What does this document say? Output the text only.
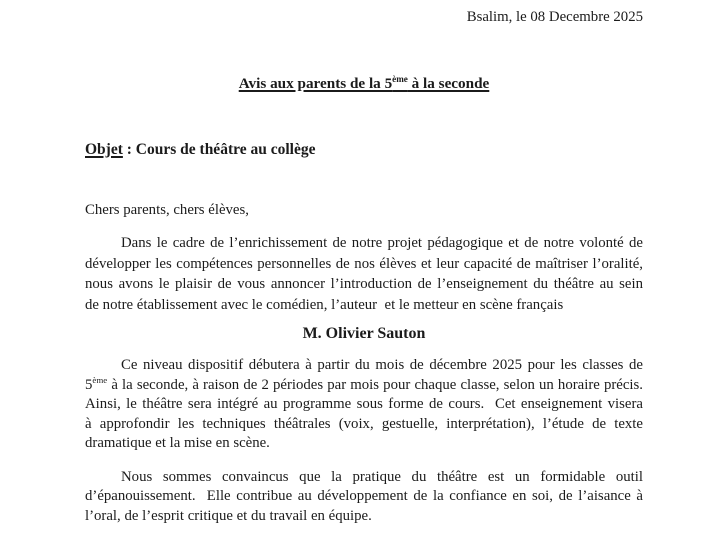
Bsalim, le 08 Decembre 2025
Avis aux parents de la 5ème à la seconde
Objet : Cours de théâtre au collège
Chers parents, chers élèves,

Dans le cadre de l’enrichissement de notre projet pédagogique et de notre volonté de
développer les compétences personnelles de nos élèves et leur capacité de maîtriser l’oralité,
nous avons le plaisir de vous annoncer l’introduction de l’enseignement du théâtre au sein
de notre établissement avec le comédien, l’auteur  et le metteur en scène français

M. Olivier Sauton

Ce niveau dispositif débutera à partir du mois de décembre 2025 pour les classes de
5ème à la seconde, à raison de 2 périodes par mois pour chaque classe, selon un horaire précis.
Ainsi, le théâtre sera intégré au programme sous forme de cours.  Cet enseignement visera
à approfondir les techniques théâtrales (voix, gestuelle, interprétation), l’étude de texte
dramatique et la mise en scène.

Nous sommes convaincus que la pratique du théâtre est un formidable outil
d’épanouissement.  Elle contribue au développement de la confiance en soi, de l’aisance à
l’oral, de l’esprit critique et du travail en équipe.
